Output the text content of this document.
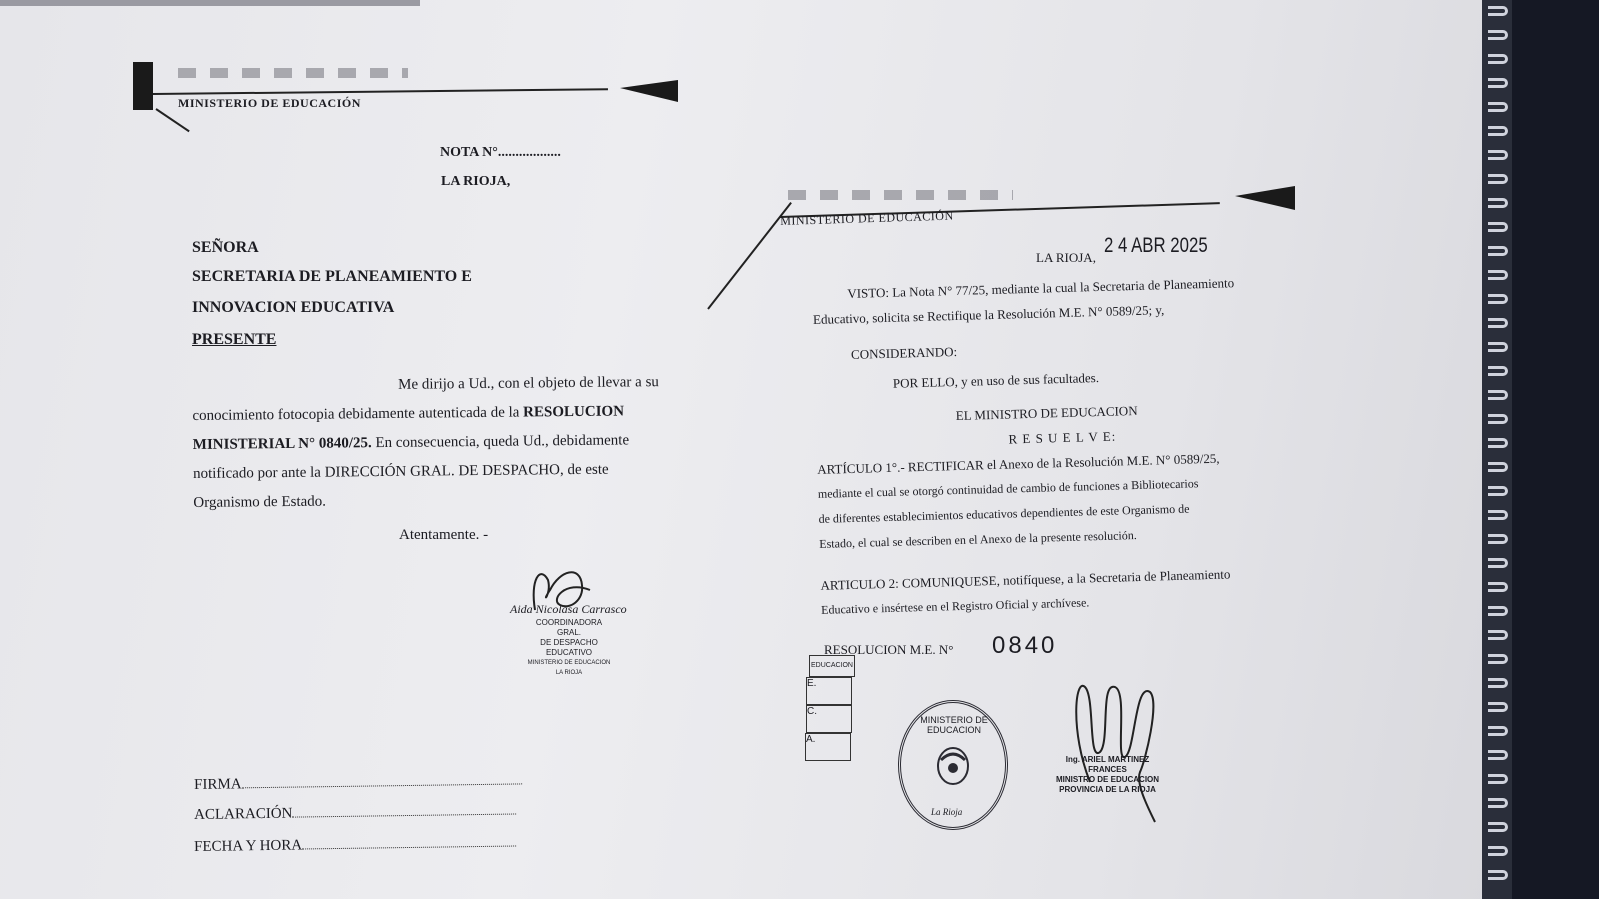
MINISTERIO DE EDUCACIÓN
NOTA N°..................
LA RIOJA,
SEÑORA
SECRETARIA DE PLANEAMIENTO E
INNOVACION EDUCATIVA
PRESENTE
Me dirijo a Ud., con el objeto de llevar a su
conocimiento fotocopia debidamente autenticada de la RESOLUCION
MINISTERIAL N° 0840/25. En consecuencia, queda Ud., debidamente
notificado por ante la DIRECCIÓN GRAL. DE DESPACHO, de este
Organismo de Estado.
Atentamente. -
Aida Nicolasa Carrasco
COORDINADORA GRAL.
DE DESPACHO EDUCATIVO
MINISTERIO DE EDUCACION LA RIOJA
FIRMA
ACLARACIÓN
FECHA Y HORA
MINISTERIO DE EDUCACIÓN
LA RIOJA,
2 4 ABR 2025
VISTO: La Nota N° 77/25, mediante la cual la Secretaria de Planeamiento
Educativo, solicita se Rectifique la Resolución M.E. N° 0589/25; y,
CONSIDERANDO:
POR ELLO, y en uso de sus facultades.
EL MINISTRO DE EDUCACION
R E S U E L V E:
ARTÍCULO 1°.- RECTIFICAR el Anexo de la Resolución M.E. N° 0589/25,
mediante el cual se otorgó continuidad de cambio de funciones a Bibliotecarios
de diferentes establecimientos educativos dependientes de este Organismo de
Estado, el cual se describen en el Anexo de la presente resolución.
ARTICULO 2: COMUNIQUESE, notifíquese, a la Secretaria de Planeamiento
Educativo e insértese en el Registro Oficial y archívese.
RESOLUCION M.E. N° 0840
EDUCACION
E.
C.
A.
MINISTERIO DE EDUCACION
La Rioja
Ing. ARIEL MARTINEZ FRANCES
MINISTRO DE EDUCACION
PROVINCIA DE LA RIOJA
